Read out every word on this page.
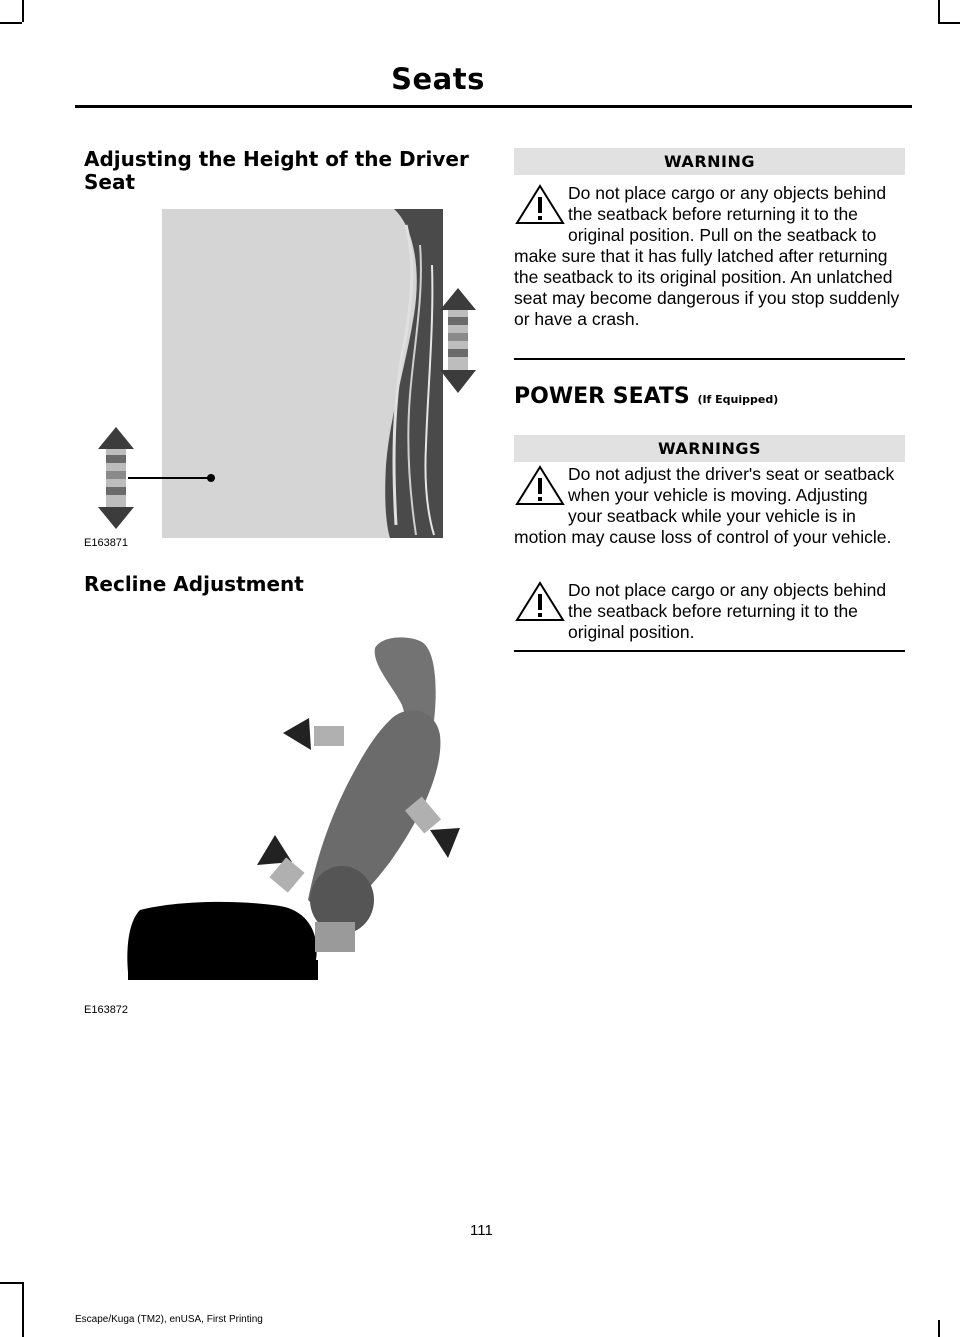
Seats
Adjusting the Height of the Driver Seat
E163871
Recline Adjustment
E163872
WARNING
Do not place cargo or any objects behind the seatback before returning it to the original position. Pull on the seatback to make sure that it has fully latched after returning the seatback to its original position. An unlatched seat may become dangerous if you stop suddenly or have a crash.
POWER SEATS (If Equipped)
WARNINGS
Do not adjust the driver's seat or seatback when your vehicle is moving. Adjusting your seatback while your vehicle is in motion may cause loss of control of your vehicle.
Do not place cargo or any objects behind the seatback before returning it to the original position.
111
Escape/Kuga (TM2), enUSA, First Printing
